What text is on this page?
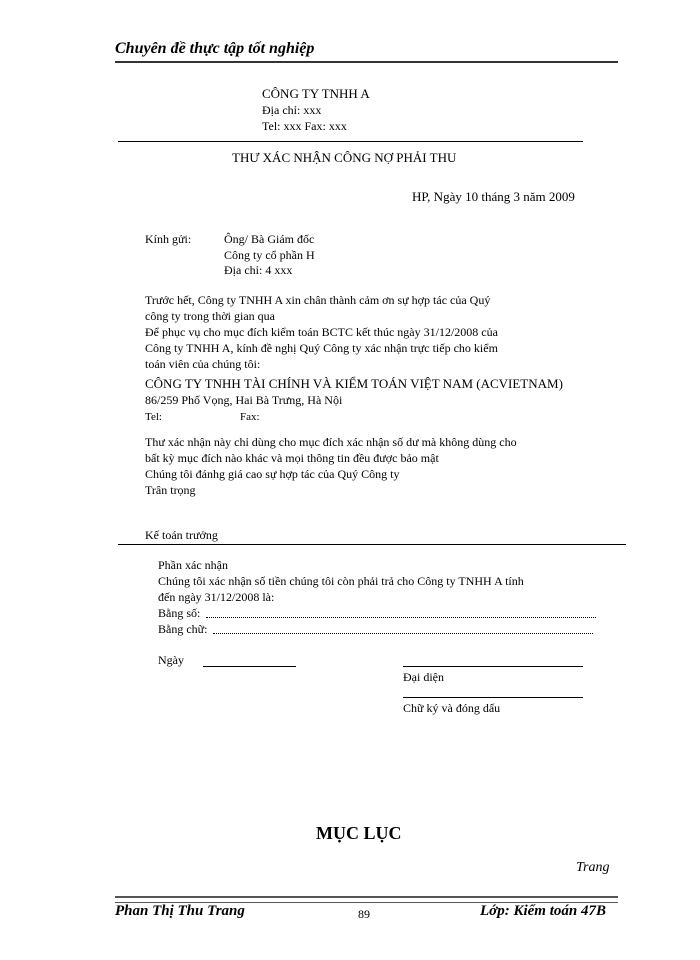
Chuyên đề thực tập tốt nghiệp
CÔNG TY TNHH A
Địa chỉ: xxx
Tel: xxx Fax: xxx
THƯ XÁC NHẬN CÔNG NỢ PHẢI THU
HP, Ngày 10 tháng 3 năm 2009
Kính gửi:	Ông/ Bà Giám đốc
Công ty cổ phần H
Địa chỉ: 4 xxx
Trước hết, Công ty TNHH A xin chân thành cảm ơn sự hợp tác của Quý
công ty trong thời gian qua
Để phục vụ cho mục đích kiểm toán BCTC kết thúc ngày 31/12/2008 của
Công ty TNHH A, kính đề nghị Quý Công ty xác nhận trực tiếp cho kiểm
toán viên của chúng tôi:
CÔNG TY TNHH TÀI CHÍNH VÀ KIỂM TOÁN VIỆT NAM (ACVIETNAM)
86/259 Phố Vọng, Hai Bà Trưng, Hà Nội
Tel:	Fax:
Thư xác nhận này chỉ dùng cho mục đích xác nhận số dư mà không dùng cho
bất kỳ mục đích nào khác và mọi thông tin đều được bảo mật
Chúng tôi đánhg giá cao sự hợp tác của Quý Công ty
Trân trọng
Kế toán trưởng
Phần xác nhận
Chúng tôi xác nhận số tiền chúng tôi còn phải trả cho Công ty TNHH A tính
đến ngày 31/12/2008 là:
Bằng số:
Bằng chữ:
Ngày
Đại diện
Chữ ký và đóng dấu
MỤC LỤC
Trang
Phan Thị Thu Trang	89	Lớp: Kiểm toán 47B
